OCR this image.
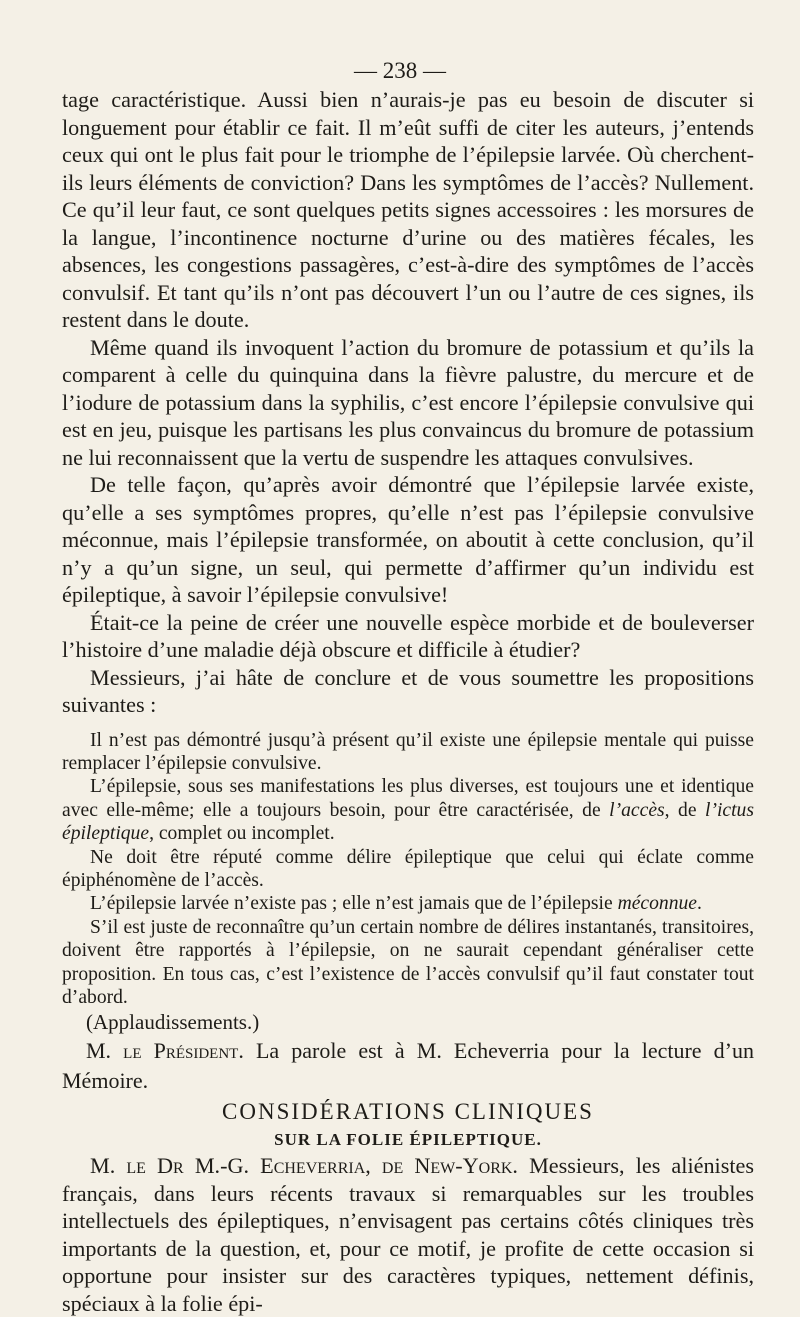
— 238 —

tage caractéristique. Aussi bien n’aurais-je pas eu besoin de discuter si longuement pour établir ce fait. Il m’eût suffi de citer les auteurs, j’entends ceux qui ont le plus fait pour le triomphe de l’épilepsie larvée. Où cherchent-ils leurs éléments de conviction? Dans les symptômes de l’accès? Nullement. Ce qu’il leur faut, ce sont quelques petits signes accessoires : les morsures de la langue, l’incontinence nocturne d’urine ou des matières fécales, les absences, les congestions passagères, c’est-à-dire des symptômes de l’accès convulsif. Et tant qu’ils n’ont pas découvert l’un ou l’autre de ces signes, ils restent dans le doute.

Même quand ils invoquent l’action du bromure de potassium et qu’ils la comparent à celle du quinquina dans la fièvre palustre, du mercure et de l’iodure de potassium dans la syphilis, c’est encore l’épilepsie convulsive qui est en jeu, puisque les partisans les plus convaincus du bromure de potassium ne lui reconnaissent que la vertu de suspendre les attaques convulsives.

De telle façon, qu’après avoir démontré que l’épilepsie larvée existe, qu’elle a ses symptômes propres, qu’elle n’est pas l’épilepsie convulsive méconnue, mais l’épilepsie transformée, on aboutit à cette conclusion, qu’il n’y a qu’un signe, un seul, qui permette d’affirmer qu’un individu est épileptique, à savoir l’épilepsie convulsive!

Était-ce la peine de créer une nouvelle espèce morbide et de bouleverser l’histoire d’une maladie déjà obscure et difficile à étudier?

Messieurs, j’ai hâte de conclure et de vous soumettre les propositions suivantes :

Il n’est pas démontré jusqu’à présent qu’il existe une épilepsie mentale qui puisse remplacer l’épilepsie convulsive.

L’épilepsie, sous ses manifestations les plus diverses, est toujours une et identique avec elle-même; elle a toujours besoin, pour être caractérisée, de l’accès, de l’ictus épileptique, complet ou incomplet.

Ne doit être réputé comme délire épileptique que celui qui éclate comme épiphénomène de l’accès.

L’épilepsie larvée n’existe pas ; elle n’est jamais que de l’épilepsie méconnue.

S’il est juste de reconnaître qu’un certain nombre de délires instantanés, transitoires, doivent être rapportés à l’épilepsie, on ne saurait cependant généraliser cette proposition. En tous cas, c’est l’existence de l’accès convulsif qu’il faut constater tout d’abord.

(Applaudissements.)

M. le Président. La parole est à M. Echeverria pour la lecture d’un Mémoire.

CONSIDÉRATIONS CLINIQUES

SUR LA FOLIE ÉPILEPTIQUE.

M. le Dr M.-G. Echeverria, de New-York. Messieurs, les aliénistes français, dans leurs récents travaux si remarquables sur les troubles intellectuels des épileptiques, n’envisagent pas certains côtés cliniques très importants de la question, et, pour ce motif, je profite de cette occasion si opportune pour insister sur des caractères typiques, nettement définis, spéciaux à la folie épi-
